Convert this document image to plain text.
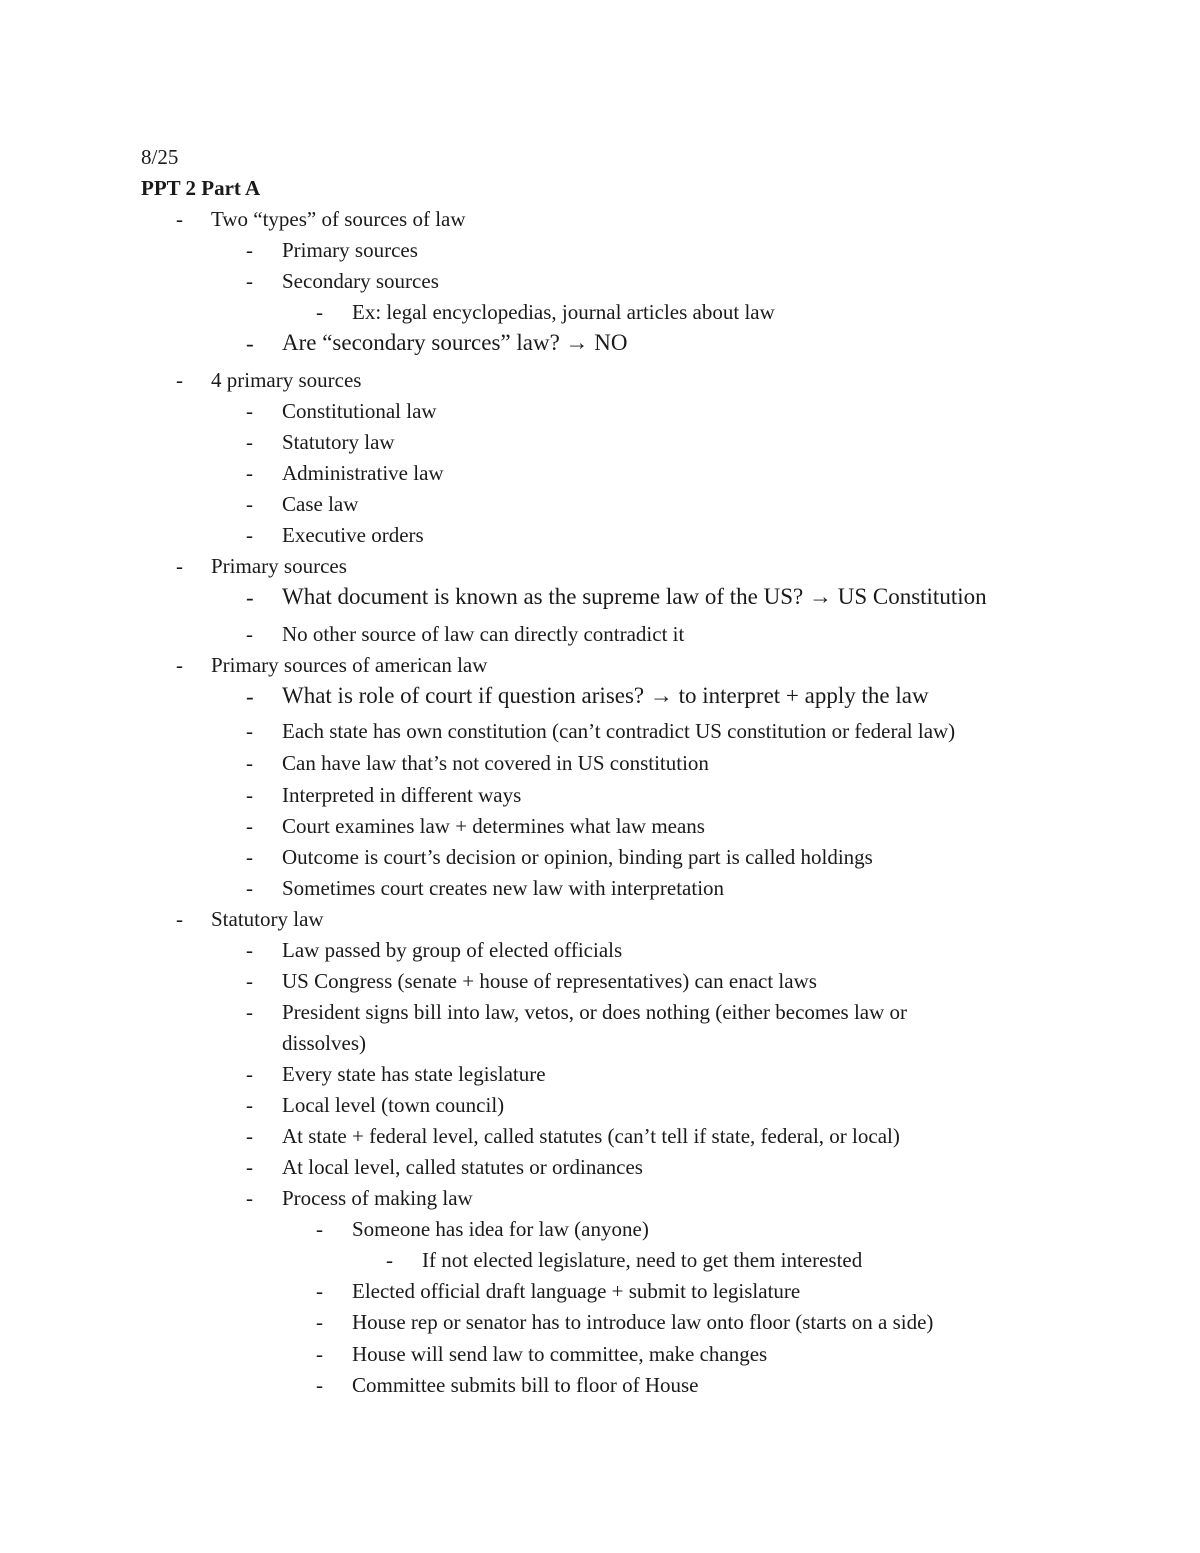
8/25
PPT 2 Part A
- Two “types” of sources of law
- Primary sources
- Secondary sources
- Ex: legal encyclopedias, journal articles about law
- Are “secondary sources” law? → NO
- 4 primary sources
- Constitutional law
- Statutory law
- Administrative law
- Case law
- Executive orders
- Primary sources
- What document is known as the supreme law of the US? → US Constitution
- No other source of law can directly contradict it
- Primary sources of american law
- What is role of court if question arises? → to interpret + apply the law
- Each state has own constitution (can’t contradict US constitution or federal law)
- Can have law that’s not covered in US constitution
- Interpreted in different ways
- Court examines law + determines what law means
- Outcome is court’s decision or opinion, binding part is called holdings
- Sometimes court creates new law with interpretation
- Statutory law
- Law passed by group of elected officials
- US Congress (senate + house of representatives) can enact laws
- President signs bill into law, vetos, or does nothing (either becomes law or
dissolves)
- Every state has state legislature
- Local level (town council)
- At state + federal level, called statutes (can’t tell if state, federal, or local)
- At local level, called statutes or ordinances
- Process of making law
- Someone has idea for law (anyone)
- If not elected legislature, need to get them interested
- Elected official draft language + submit to legislature
- House rep or senator has to introduce law onto floor (starts on a side)
- House will send law to committee, make changes
- Committee submits bill to floor of House
